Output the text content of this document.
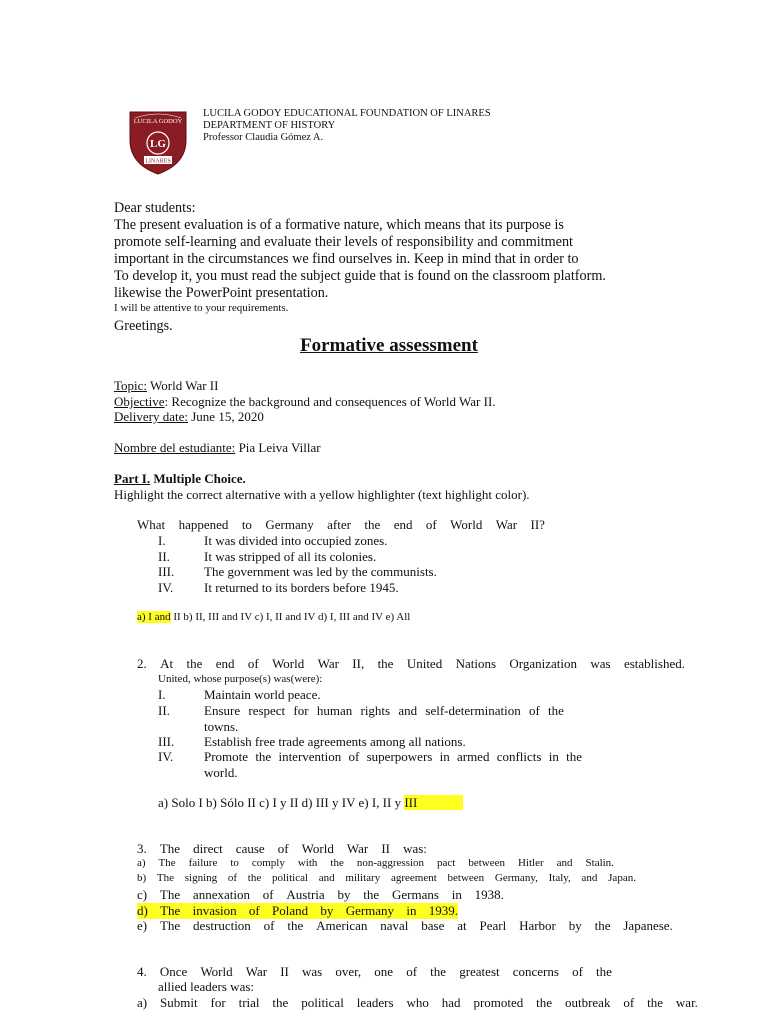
LUCILA GODOY
LG
LINARES
LUCILA GODOY EDUCATIONAL FOUNDATION OF LINARES
DEPARTMENT OF HISTORY
Professor Claudia Gómez A.
Dear students:
The present evaluation is of a formative nature, which means that its purpose is
promote self-learning and evaluate their levels of responsibility and commitment
important in the circumstances we find ourselves in. Keep in mind that in order to
To develop it, you must read the subject guide that is found on the classroom platform.
likewise the PowerPoint presentation.
I will be attentive to your requirements.
Greetings.
Formative assessment
Topic: World War II
Objective: Recognize the background and consequences of World War II.
Delivery date: June 15, 2020
Nombre del estudiante: Pia Leiva Villar
Part I. Multiple Choice.
Highlight the correct alternative with a yellow highlighter (text highlight color).
What happened to Germany after the end of World War II?
I.	It was divided into occupied zones.
II.	It was stripped of all its colonies.
III. The government was led by the communists.
IV. It returned to its borders before 1945.
a) I and II b) II, III and IV c) I, II and IV d) I, III and IV e) All
2. At the end of World War II, the United Nations Organization was established.
United, whose purpose(s) was(were):
I.	Maintain world peace.
II.	Ensure respect for human rights and self-determination of the
towns.
III. Establish free trade agreements among all nations.
IV.	Promote the intervention of superpowers in armed conflicts in the
world.
a) Solo I b) Sólo II c) I y II d) III y IV e) I, II y III
3. The direct cause of World War II was:
a) The failure to comply with the non-aggression pact between Hitler and Stalin.
b) The signing of the political and military agreement between Germany, Italy, and Japan.
c) The annexation of Austria by the Germans in 1938.
d) The invasion of Poland by Germany in 1939.
e) The destruction of the American naval base at Pearl Harbor by the Japanese.
4. Once World War II was over, one of the greatest concerns of the
allied leaders was:
a) Submit for trial the political leaders who had promoted the outbreak of the war.
